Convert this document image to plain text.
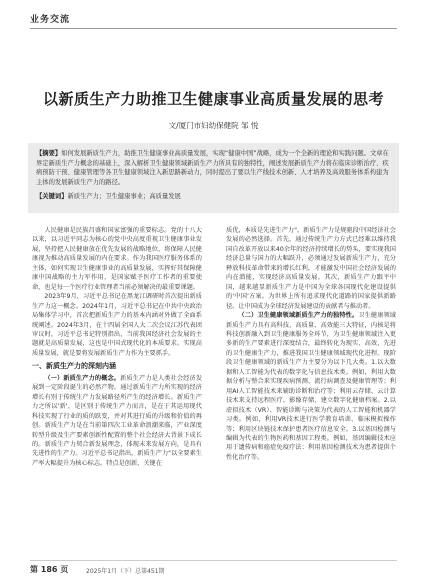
业务交流
以新质生产力助推卫生健康事业高质量发展的思考
文/厦门市妇幼保健院 邹 悦

【摘要】如何发展新质生产力，助推卫生健康事业高质量发展，实现“健康中国”战略，成为一个全新的理论和实践问题。文章在界定新质生产力概念的基础上，深入解析卫生健康领域新质生产力所具有的独特性，阐述发展新质生产力将在临床诊断治疗、疾病预防干预、健康管理等各卫生健康领域注入新思路新动力，同时提出了要以生产线技术创新、人才培养及高效服务体系构建为主体的发展新质生产力的路径。

【关键词】新质生产力；卫生健康事业；高质量发展

人民健康是民族昌盛和国家富强的重要标志。党的十八大以来，以习近平同志为核心的党中央高度重视卫生健康事业发展，坚持把人民健康放在优先发展的战略地位，将保障人民健康视为推动高质量发展的内在要求。作为我国医疗服务体系的主体，如何实现卫生健康事业的高质量发展，实挥好其保障健康中国战略的主力军作用，是国家赋予医疗工作者的重要使命，也是每一个医疗行业管理者当前必须解决的最重要课题。

2023年9月，习近平总书记在黑龙江调研时首次提出新质生产力这一概念。2024年1月，习近平总书记在中共中央政治局集体学习中，首次把新质生产力的基本内涵对外做了全面系统阐述。2024年3月，在十四届全国人大二次会议江苏代表团审议时，习近平总书记特别指出，当前我国经济社会发展的主题就是高质量发展，这也是中国式现代化的本质要求。实现高质量发展，就是要将发展新质生产力作为主要抓手。

一、新质生产力的深刻内涵

（一）新质生产力的概念。新质生产力是人类社会经济发展到一定阶段诞生的必然产物。通过新质生产力所实现的经济增长有别于传统生产力发展路径所产生的经济增长。新质生产力之所以'新'，是区别于传统生产力而言，是在于其运用现代科技实现了行业的质的跃变，并对其进行质的升级和价值的再创。新质生产力是在当前第四次工业革命浪潮来临，产业深度转型升级及生产要素创新性配置的整个社会经济大背景下成长的。新质生产力契合新发展理念，体现未来发展方向，是具有先进性的生产力。习近平总书记指出，新质生产力"以全要素生产率大幅提升为核心标志，特点是创新，关键在

质优，本质是先进生产力"。新质生产力是规驱段中国经济社会发展的必然选择。首先，通过传统生产力方式已经难以维持我国自改革开放以来40余年的经济持续增长的势头，要实现我国经济总量与国力的大幅跃升，必须通过发展新质生产力，充分释放科技革命带来的增长红利，才能激发中国社会经济发展的内在潜能，实现经济高质量发展。其次，新质生产力跟平中国，越来越显新质生产力是中国为全球各国现代化建设提供的'中国'方案。为世界上所有追求现代化道路的国家提供新路径。让中国成为全球经济发展建设的贡献者与推动者。

（二）卫生健康领域新质生产力的独特性。卫生健康领域新质生产力具有高科技、高质量、高效能三大特征，内核是将科技创新融入到卫生健康服务全环节，为卫生健康领域注入更多新的生产要素进行深度结合，最终转化为现实、高效、先进的卫生健康生产力，推进我国卫生健康领域现代化进程。现阶段卫生健康领域的新质生产力主要分为以下几大类。1.以大数据和人工智能为代表的数字化与信息技术类。例如，利用大数据分析与整合来实现疾病预测、流行病调查及健康管理等；利用AI人工智能技术来辅助诊断和治疗等；利用云存储、云计算技术来支持远程医疗、影像存储、建立数字化健康档案。2.以虚拟技术（VR）、智能诊断与决策为代表的人工智能和机器学习类。例如，利用VR技术进行医学教育培训、临床模拟操作等；利用区块链技术保护患者医疗信息安全。3.以基因检测与编辑为代表的生物医药和基因工程类。例如，基因编辑技术应用于遗传病和癌症免疫疗法；利用基因检测技术为患者提供个性化治疗等。

第 186 页	2025年1月（下）总第451期
